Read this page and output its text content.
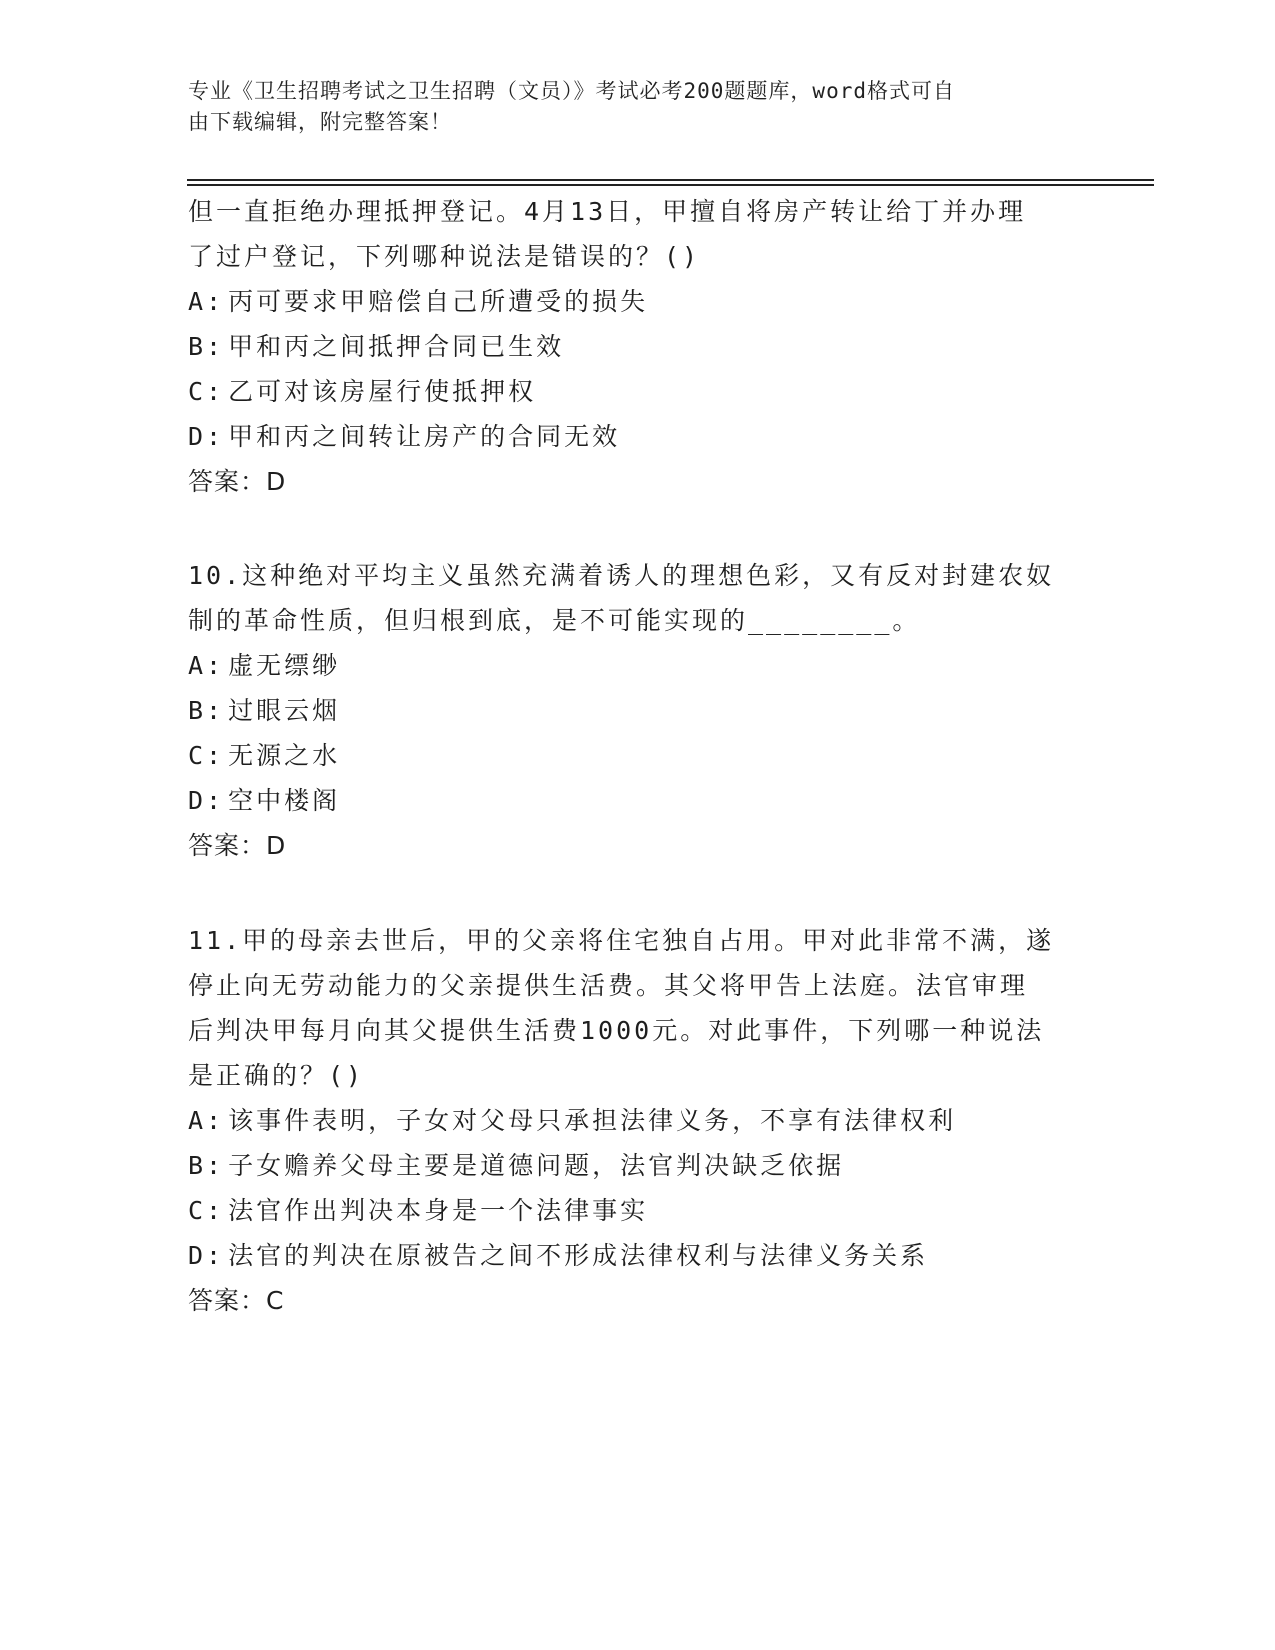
专业《卫生招聘考试之卫生招聘（文员）》考试必考200题题库，word格式可自
由下载编辑，附完整答案！

但一直拒绝办理抵押登记。4月13日，甲擅自将房产转让给丁并办理

了过户登记，下列哪种说法是错误的？()

A: 丙可要求甲赔偿自己所遭受的损失

B: 甲和丙之间抵押合同已生效

C: 乙可对该房屋行使抵押权

D: 甲和丙之间转让房产的合同无效

答案：D

10.这种绝对平均主义虽然充满着诱人的理想色彩，又有反对封建农奴

制的革命性质，但归根到底，是不可能实现的________。

A: 虚无缥缈

B: 过眼云烟

C: 无源之水

D: 空中楼阁

答案：D

11.甲的母亲去世后，甲的父亲将住宅独自占用。甲对此非常不满，遂

停止向无劳动能力的父亲提供生活费。其父将甲告上法庭。法官审理

后判决甲每月向其父提供生活费1000元。对此事件，下列哪一种说法

是正确的？()

A: 该事件表明，子女对父母只承担法律义务，不享有法律权利

B: 子女赡养父母主要是道德问题，法官判决缺乏依据

C: 法官作出判决本身是一个法律事实

D: 法官的判决在原被告之间不形成法律权利与法律义务关系

答案：C
